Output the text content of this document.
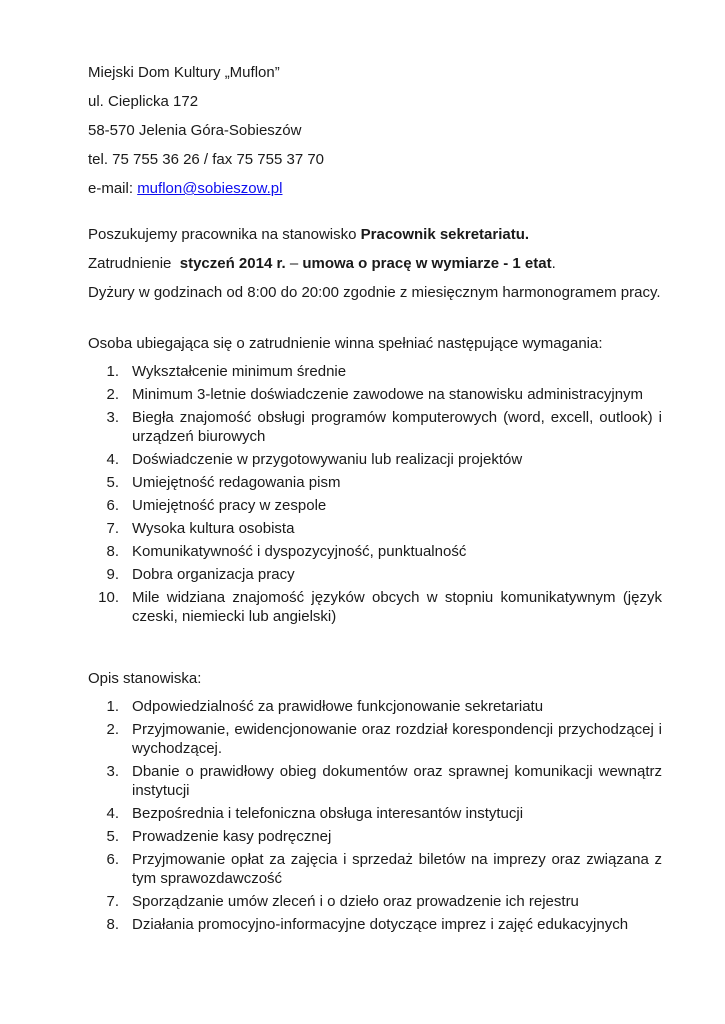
Miejski Dom Kultury „Muflon”

ul. Cieplicka 172

58-570 Jelenia Góra-Sobieszów

tel. 75 755 36 26 / fax 75 755 37 70

e-mail: muflon@sobieszow.pl

Poszukujemy pracownika na stanowisko Pracownik sekretariatu.

Zatrudnienie  styczeń 2014 r. – umowa o pracę w wymiarze - 1 etat.

Dyżury w godzinach od 8:00 do 20:00 zgodnie z miesięcznym harmonogramem pracy.

Osoba ubiegająca się o zatrudnienie winna spełniać następujące wymagania:

1. Wykształcenie minimum średnie
2. Minimum 3-letnie doświadczenie zawodowe na stanowisku administracyjnym
3. Biegła znajomość obsługi programów komputerowych (word, excell, outlook) i urządzeń biurowych
4. Doświadczenie w przygotowywaniu lub realizacji projektów
5. Umiejętność redagowania pism
6. Umiejętność pracy w zespole
7. Wysoka kultura osobista
8. Komunikatywność i dyspozycyjność, punktualność
9. Dobra organizacja pracy
10. Mile widziana znajomość języków obcych w stopniu komunikatywnym (język czeski, niemiecki lub angielski)

Opis stanowiska:

1. Odpowiedzialność za prawidłowe funkcjonowanie sekretariatu
2. Przyjmowanie, ewidencjonowanie oraz rozdział korespondencji przychodzącej i wychodzącej.
3. Dbanie o prawidłowy obieg dokumentów oraz sprawnej komunikacji wewnątrz instytucji
4. Bezpośrednia i telefoniczna obsługa interesantów instytucji
5. Prowadzenie kasy podręcznej
6. Przyjmowanie opłat za zajęcia i sprzedaż biletów na imprezy oraz związana z tym sprawozdawczość
7. Sporządzanie umów zleceń i o dzieło oraz prowadzenie ich rejestru
8. Działania promocyjno-informacyjne dotyczące imprez i zajęć edukacyjnych
